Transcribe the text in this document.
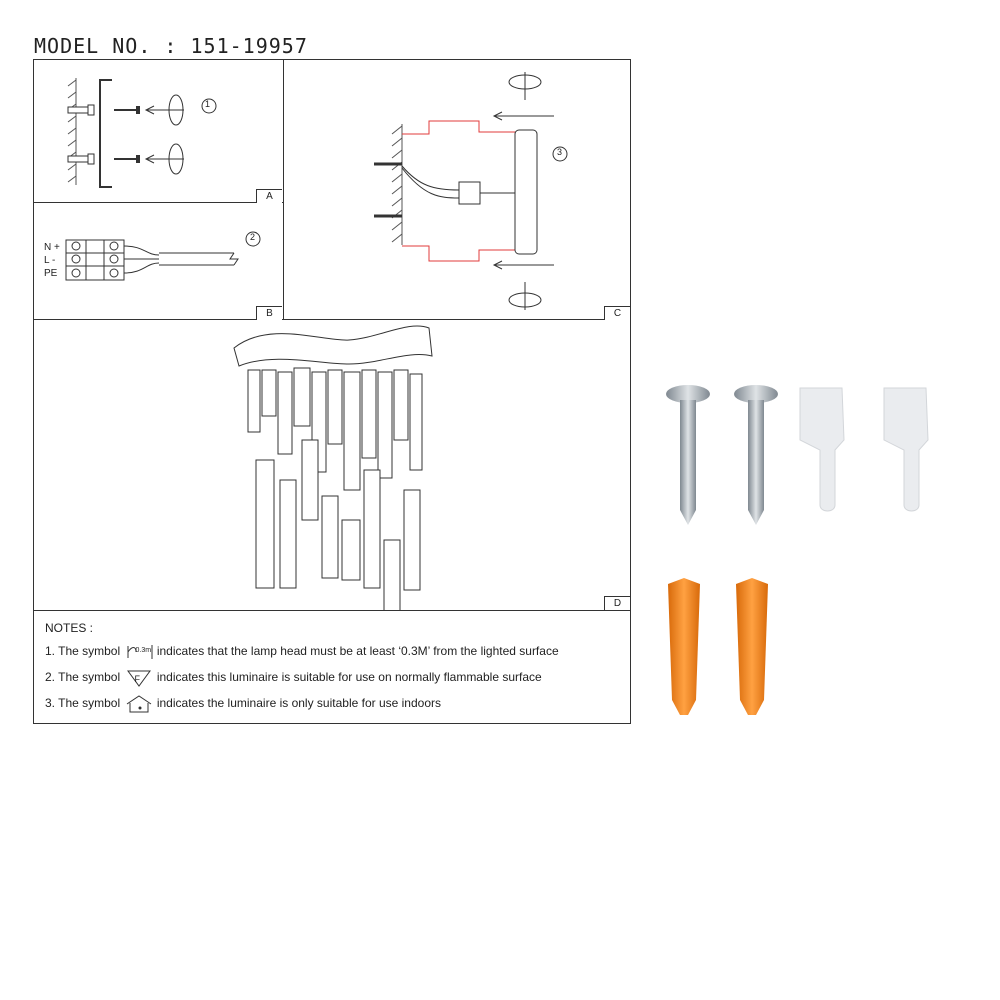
MODEL NO. : 151-19957
1
A
N +
L -
PE
2
B
3
C
D
NOTES :
1. The symbol 0.3m indicates that the lamp head must be at least ‘0.3M’ from the lighted surface
2. The symbol F indicates this luminaire is suitable for use on normally flammable surface
3. The symbol	indicates the luminaire is only suitable for use indoors
